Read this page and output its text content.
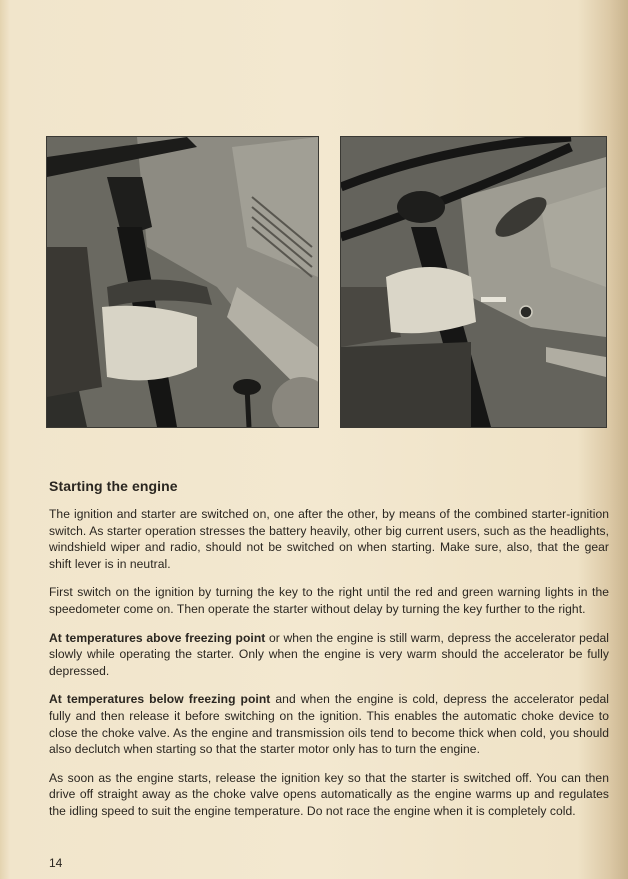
Starting the engine

The ignition and starter are switched on, one after the other, by means of the combined starter-ignition switch. As starter operation stresses the battery heavily, other big current users, such as the headlights, windshield wiper and radio, should not be switched on when starting. Make sure, also, that the gear shift lever is in neutral.

First switch on the ignition by turning the key to the right until the red and green warning lights in the speedometer come on. Then operate the starter without delay by turning the key further to the right.

At temperatures above freezing point or when the engine is still warm, depress the accelerator pedal slowly while operating the starter. Only when the engine is very warm should the accelerator be fully depressed.

At temperatures below freezing point and when the engine is cold, depress the accelerator pedal fully and then release it before switching on the ignition. This enables the automatic choke device to close the choke valve. As the engine and transmission oils tend to become thick when cold, you should also declutch when starting so that the starter motor only has to turn the engine.

As soon as the engine starts, release the ignition key so that the starter is switched off. You can then drive off straight away as the choke valve opens automatically as the engine warms up and regulates the idling speed to suit the engine temperature. Do not race the engine when it is completely cold.

14
